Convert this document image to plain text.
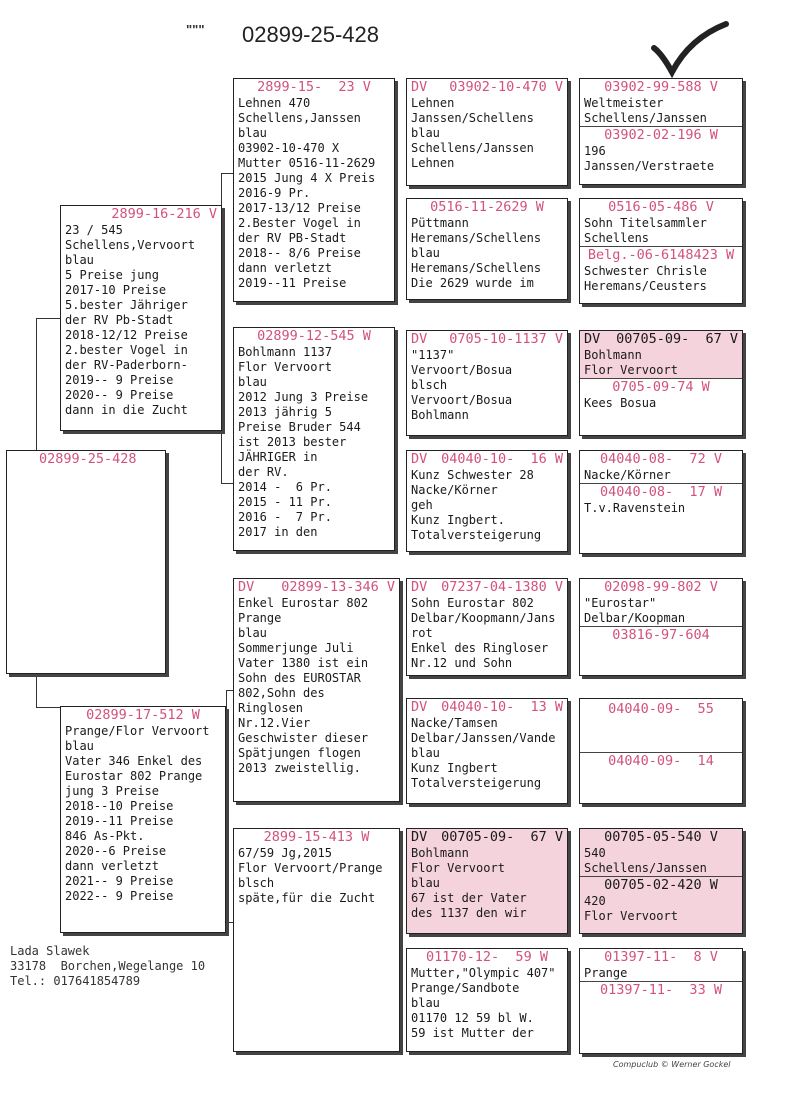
""" 02899-25-428
02899-25-428
2899-16-216 V
23 / 545
Schellens,Vervoort
blau
5 Preise jung
2017-10 Preise
5.bester Jähriger
der RV Pb-Stadt
2018-12/12 Preise
2.bester Vogel in
der RV-Paderborn-
2019-- 9 Preise
2020-- 9 Preise
dann in die Zucht
02899-17-512 W
Prange/Flor Vervoort
blau
Vater 346 Enkel des
Eurostar 802 Prange
jung 3 Preise
2018--10 Preise
2019--11 Preise
846 As-Pkt.
2020--6 Preise
dann verletzt
2021-- 9 Preise
2022-- 9 Preise
2899-15-  23 V
Lehnen 470
Schellens,Janssen
blau
03902-10-470 X
Mutter 0516-11-2629
2015 Jung 4 X Preis
2016-9 Pr.
2017-13/12 Preise
2.Bester Vogel in
der RV PB-Stadt
2018-- 8/6 Preise
dann verletzt
2019--11 Preise
02899-12-545 W
Bohlmann 1137
Flor Vervoort
blau
2012 Jung 3 Preise
2013 jährig 5
Preise Bruder 544
ist 2013 bester
JÄHRIGER in
der RV.
2014 -  6 Pr.
2015 - 11 Pr.
2016 -  7 Pr.
2017 in den
DV	02899-13-346 V
Enkel Eurostar 802
Prange
blau
Sommerjunge Juli
Vater 1380 ist ein
Sohn des EUROSTAR
802,Sohn des
Ringlosen
Nr.12.Vier
Geschwister dieser
Spätjungen flogen
2013 zweistellig.
2899-15-413 W
67/59 Jg,2015
Flor Vervoort/Prange
blsch
späte,für die Zucht
DV	03902-10-470 V
Lehnen
Janssen/Schellens
blau
Schellens/Janssen
Lehnen
0516-11-2629 W
Püttmann
Heremans/Schellens
blau
Heremans/Schellens
Die 2629 wurde im
DV	0705-10-1137 V
"1137"
Vervoort/Bosua
blsch
Vervoort/Bosua
Bohlmann
DV	04040-10-  16 W
Kunz Schwester 28
Nacke/Körner
geh
Kunz Ingbert.
Totalversteigerung
DV	07237-04-1380 V
Sohn Eurostar 802
Delbar/Koopmann/Jans
rot
Enkel des Ringloser
Nr.12 und Sohn
DV	04040-10-  13 W
Nacke/Tamsen
Delbar/Janssen/Vande
blau
Kunz Ingbert
Totalversteigerung
DV	00705-09-  67 V
Bohlmann
Flor Vervoort
blau
67 ist der Vater
des 1137 den wir
01170-12-  59 W
Mutter,"Olympic 407"
Prange/Sandbote
blau
01170 12 59 bl W.
59 ist Mutter der
03902-99-588 V
Weltmeister
Schellens/Janssen
03902-02-196 W
196
Janssen/Verstraete
0516-05-486 V
Sohn Titelsammler
Schellens
Belg.-06-6148423 W
Schwester Chrisle
Heremans/Ceusters
DV	00705-09-  67 V
Bohlmann
Flor Vervoort
0705-09-74 W
Kees Bosua
04040-08-  72 V
Nacke/Körner
04040-08-  17 W
T.v.Ravenstein
02098-99-802 V
"Eurostar"
Delbar/Koopman
03816-97-604
04040-09-  55
04040-09-  14
00705-05-540 V
540
Schellens/Janssen
00705-02-420 W
420
Flor Vervoort
01397-11-  8 V
Prange
01397-11-  33 W
Lada Slawek
33178  Borchen,Wegelange 10
Tel.: 017641854789
Compuclub © Werner Gockel
